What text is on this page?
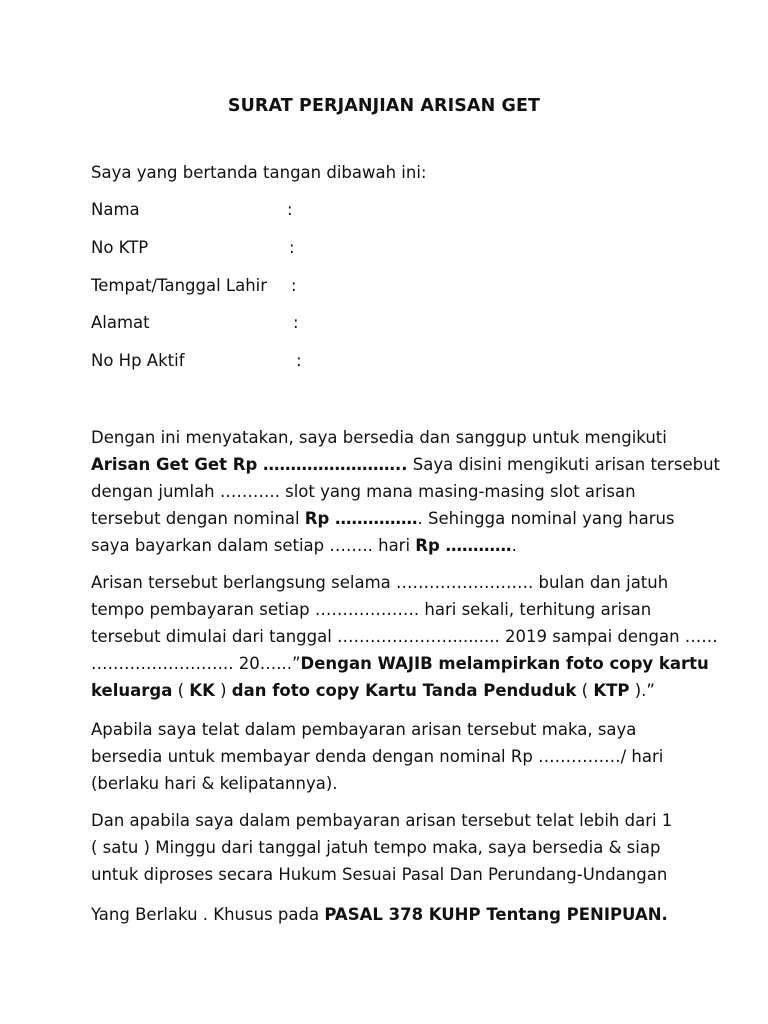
SURAT PERJANJIAN ARISAN GET
Saya yang bertanda tangan dibawah ini:
Nama	:
No KTP	:
Tempat/Tanggal Lahir :
Alamat	:
No Hp Aktif	:
Dengan ini menyatakan, saya bersedia dan sanggup untuk mengikuti
Arisan Get Get Rp …………………….. Saya disini mengikuti arisan tersebut
dengan jumlah ……….. slot yang mana masing-masing slot arisan
tersebut dengan nominal Rp ……………. Sehingga nominal yang harus
saya bayarkan dalam setiap …….. hari Rp ………….
Arisan tersebut berlangsung selama ……………………. bulan dan jatuh
tempo pembayaran setiap ………………. hari sekali, terhitung arisan
tersebut dimulai dari tanggal …………………......... 2019 sampai dengan ……
…………………….. 20…...”Dengan WAJIB melampirkan foto copy kartu
keluarga ( KK ) dan foto copy Kartu Tanda Penduduk ( KTP ).”
Apabila saya telat dalam pembayaran arisan tersebut maka, saya
bersedia untuk membayar denda dengan nominal Rp ……………/ hari
(berlaku hari & kelipatannya).
Dan apabila saya dalam pembayaran arisan tersebut telat lebih dari 1
( satu ) Minggu dari tanggal jatuh tempo maka, saya bersedia & siap
untuk diproses secara Hukum Sesuai Pasal Dan Perundang-Undangan
Yang Berlaku . Khusus pada PASAL 378 KUHP Tentang PENIPUAN.
